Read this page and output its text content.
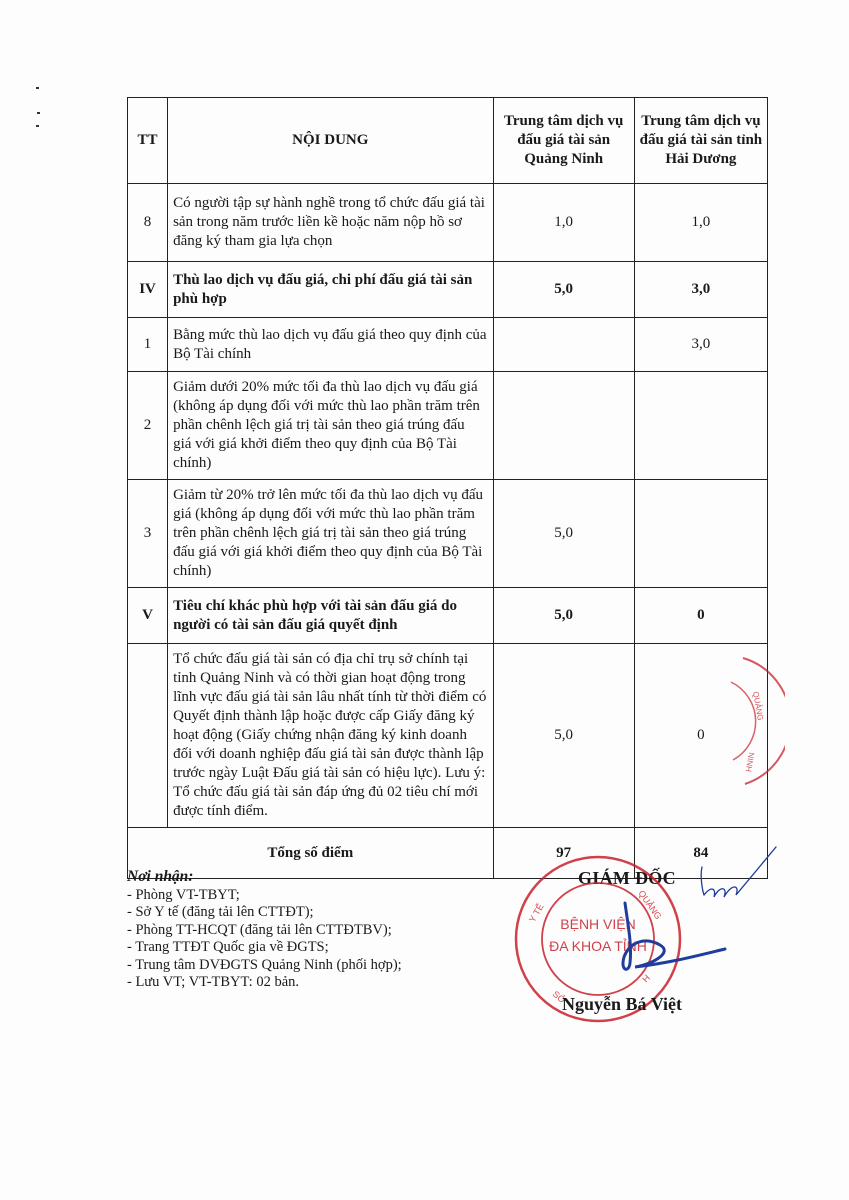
TT	NỘI DUNG	Trung tâm dịch vụ đấu giá tài sản Quảng Ninh	Trung tâm dịch vụ đấu giá tài sản tỉnh Hải Dương
8	Có người tập sự hành nghề trong tổ chức đấu giá tài sản trong năm trước liền kề hoặc năm nộp hồ sơ đăng ký tham gia lựa chọn	1,0	1,0
IV	Thù lao dịch vụ đấu giá, chi phí đấu giá tài sản phù hợp	5,0	3,0
1	Bằng mức thù lao dịch vụ đấu giá theo quy định của Bộ Tài chính		3,0
2	Giảm dưới 20% mức tối đa thù lao dịch vụ đấu giá (không áp dụng đối với mức thù lao phần trăm trên phần chênh lệch giá trị tài sản theo giá trúng đấu giá với giá khởi điểm theo quy định của Bộ Tài chính)		
3	Giảm từ 20% trở lên mức tối đa thù lao dịch vụ đấu giá (không áp dụng đối với mức thù lao phần trăm trên phần chênh lệch giá trị tài sản theo giá trúng đấu giá với giá khởi điểm theo quy định của Bộ Tài chính)	5,0	
V	Tiêu chí khác phù hợp với tài sản đấu giá do người có tài sản đấu giá quyết định	5,0	0
	Tổ chức đấu giá tài sản có địa chỉ trụ sở chính tại tỉnh Quảng Ninh và có thời gian hoạt động trong lĩnh vực đấu giá tài sản lâu nhất tính từ thời điểm có Quyết định thành lập hoặc được cấp Giấy đăng ký hoạt động (Giấy chứng nhận đăng ký kinh doanh đối với doanh nghiệp đấu giá tài sản được thành lập trước ngày Luật Đấu giá tài sản có hiệu lực). Lưu ý: Tổ chức đấu giá tài sản đáp ứng đủ 02 tiêu chí mới được tính điểm.	5,0	0
Tổng số điểm		97	84
Nơi nhận:
- Phòng VT-TBYT;
- Sở Y tế (đăng tải lên CTTĐT);
- Phòng TT-HCQT (đăng tải lên CTTĐTBV);
- Trang TTĐT Quốc gia về ĐGTS;
- Trung tâm DVĐGTS Quảng Ninh (phối hợp);
- Lưu VT; VT-TBYT: 02 bản.
GIÁM ĐỐC
BỆNH VIỆN
ĐA KHOA TỈNH
Y TẾ	QUẢNG
SỞ
H
QUẢNG
NINH
Nguyễn Bá Việt
